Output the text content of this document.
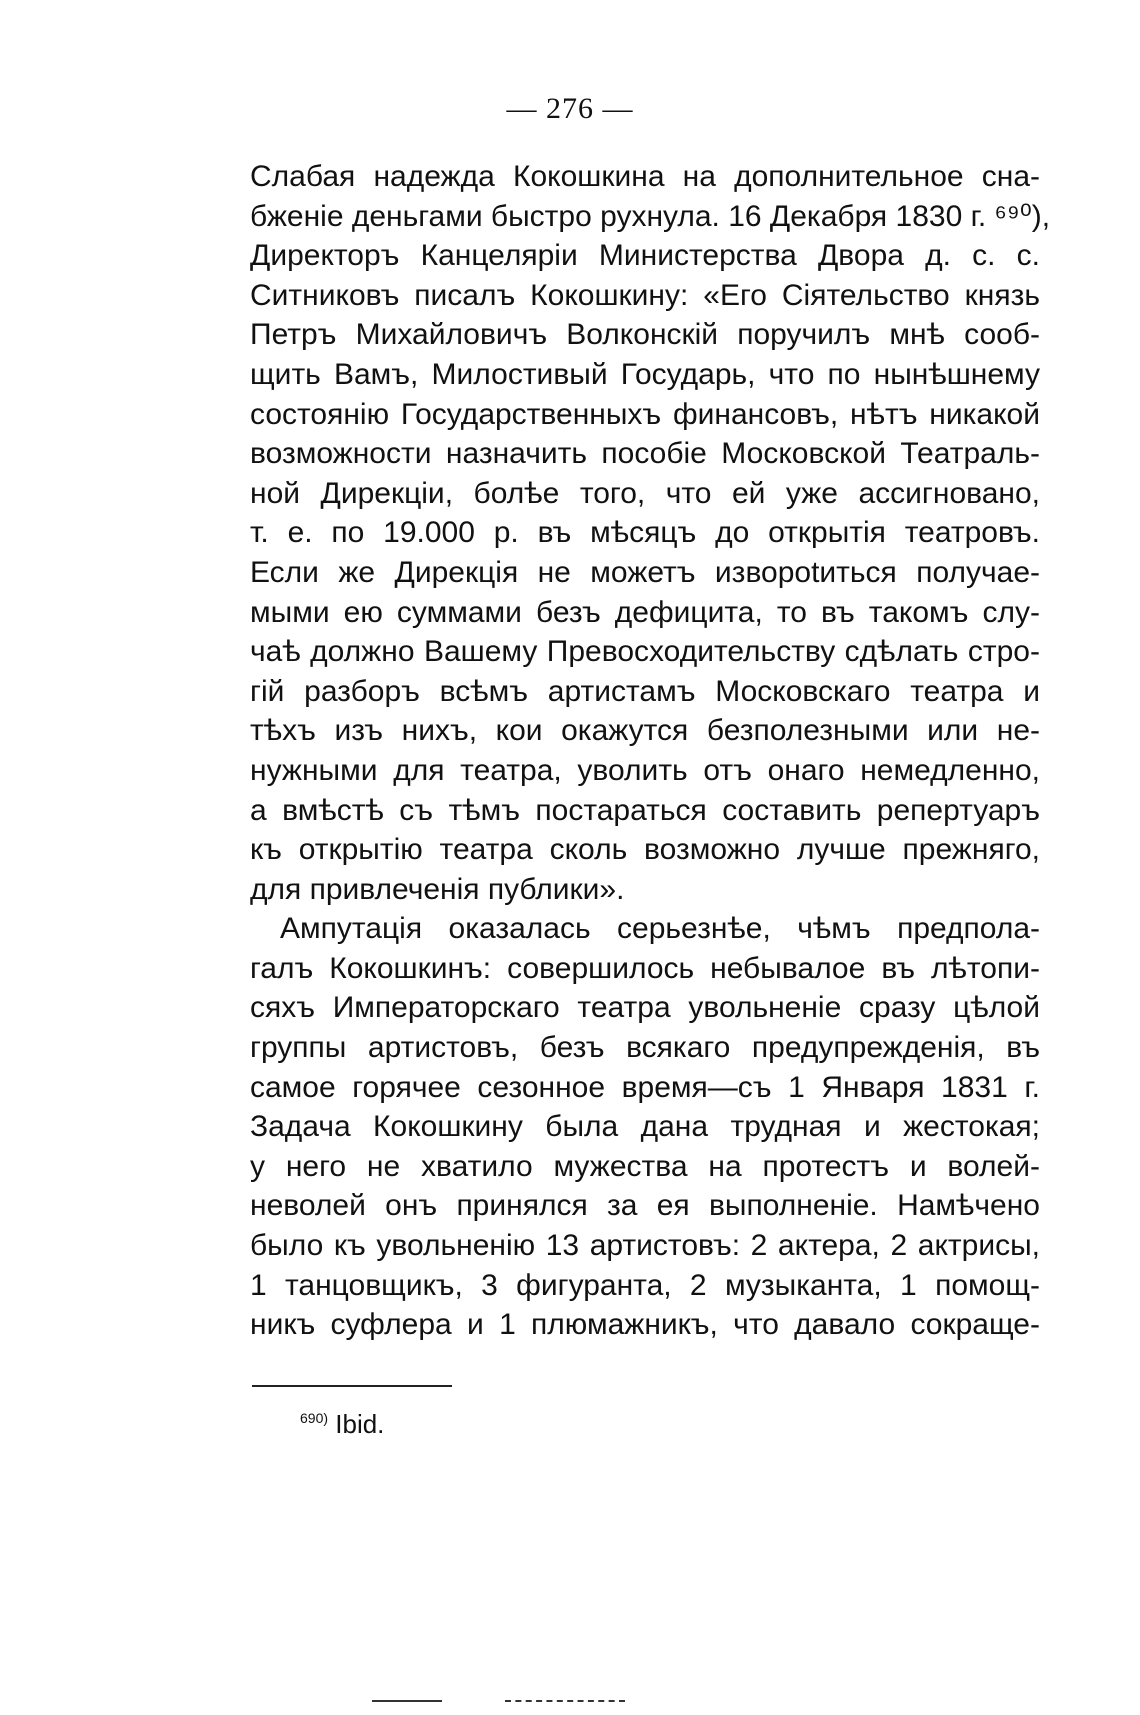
— 276 —
Слабая надежда Кокошкина на дополнительное сна-
бженіе деньгами быстро рухнула. 16 Декабря 1830 г. ⁶⁹⁰),
Директоръ Канцеляріи Министерства Двора д. с. с.
Ситниковъ писалъ Кокошкину: «Его Сіятельство князь
Петръ Михайловичъ Волконскій поручилъ мнѣ сооб-
щить Вамъ, Милостивый Государь, что по нынѣшнему
состоянію Государственныхъ финансовъ, нѣтъ никакой
возможности назначить пособіе Московской Театраль-
ной Дирекціи, болѣе того, что ей уже ассигновано,
т. е. по 19.000 р. въ мѣсяцъ до открытія театровъ.
Если же Дирекція не можетъ извороtиться получае-
мыми ею суммами безъ дефицита, то въ такомъ слу-
чаѣ должно Вашему Превосходительству сдѣлать стро-
гій разборъ всѣмъ артистамъ Московскаго театра и
тѣхъ изъ нихъ, кои окажутся безполезными или не-
нужными для театра, уволить отъ онаго немедленно,
а вмѣстѣ съ тѣмъ постараться составить репертуаръ
къ открытію театра сколь возможно лучше прежняго,
для привлеченія публики».
Ампутація оказалась серьезнѣе, чѣмъ предпола-
галъ Кокошкинъ: совершилось небывалое въ лѣтопи-
сяхъ Императорскаго театра увольненіе сразу цѣлой
группы артистовъ, безъ всякаго предупрежденія, въ
самое горячее сезонное время—съ 1 Января 1831 г.
Задача Кокошкину была дана трудная и жестокая;
у него не хватило мужества на протестъ и волей-
неволей онъ принялся за ея выполненіе. Намѣчено
было къ увольненію 13 артистовъ: 2 актера, 2 актрисы,
1 танцовщикъ, 3 фигуранта, 2 музыканта, 1 помощ-
никъ суфлера и 1 плюмажникъ, что давало сокраще-
$^{690)}$ Ibid.
